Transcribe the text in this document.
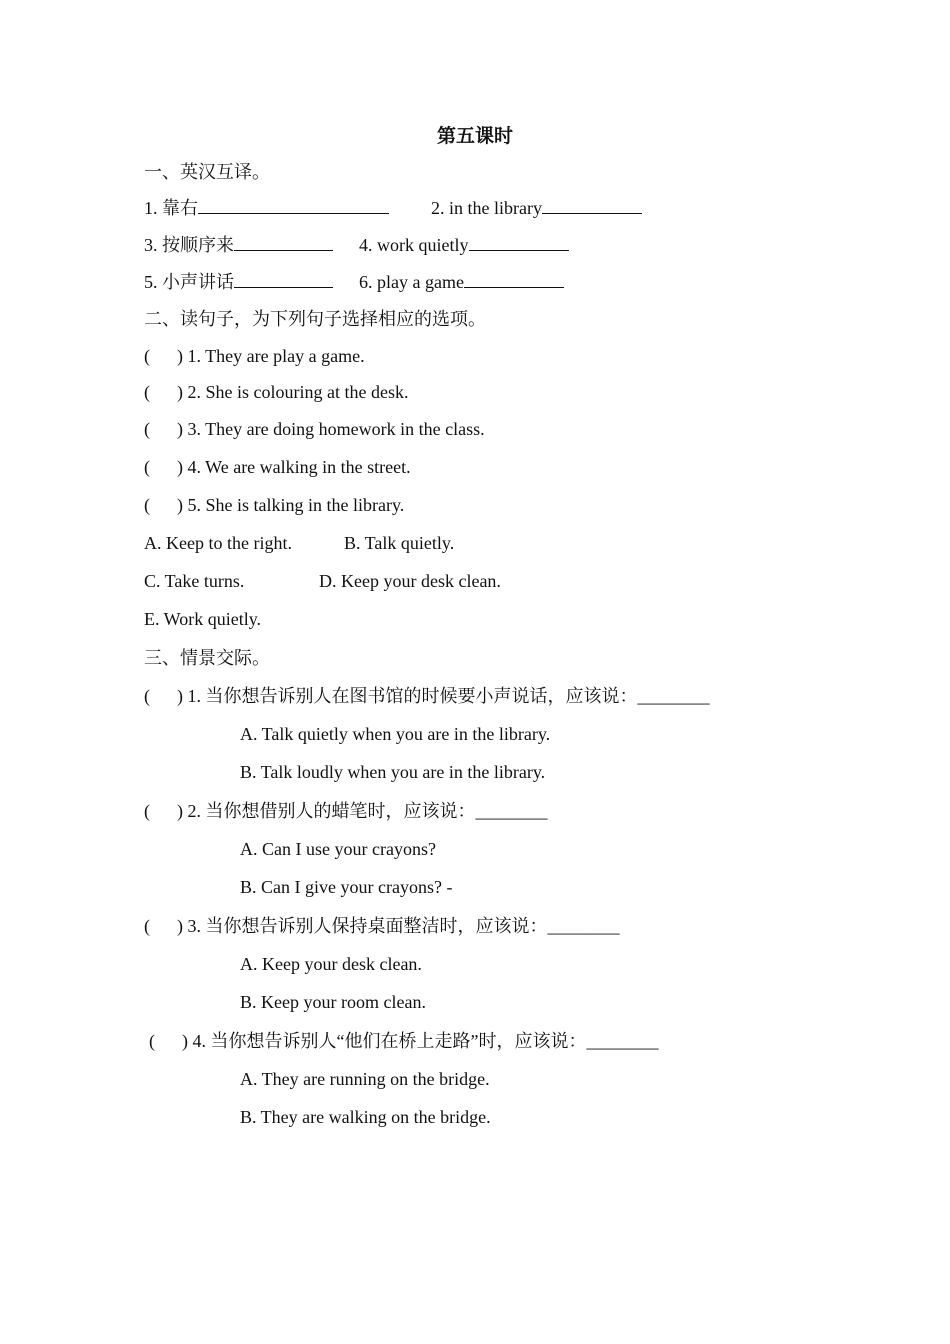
第五课时
一、英汉互译。
1. 靠右	2. in the library
3. 按顺序来	4. work quietly
5. 小声讲话	6. play a game
二、读句子，为下列句子选择相应的选项。
(      ) 1. They are play a game.
(      ) 2. She is colouring at the desk.
(      ) 3. They are doing homework in the class.
(      ) 4. We are walking in the street.
(      ) 5. She is talking in the library.
A. Keep to the right.	B. Talk quietly.
C. Take turns.	D. Keep your desk clean.
E. Work quietly.
三、情景交际。
(      ) 1. 当你想告诉别人在图书馆的时候要小声说话，应该说：________
A. Talk quietly when you are in the library.
B. Talk loudly when you are in the library.
(      ) 2. 当你想借别人的蜡笔时，应该说：________
A. Can I use your crayons?
B. Can I give your crayons? -
(      ) 3. 当你想告诉别人保持桌面整洁时，应该说：________
A. Keep your desk clean.
B. Keep your room clean.
(      ) 4. 当你想告诉别人“他们在桥上走路”时，应该说：________
A. They are running on the bridge.
B. They are walking on the bridge.
